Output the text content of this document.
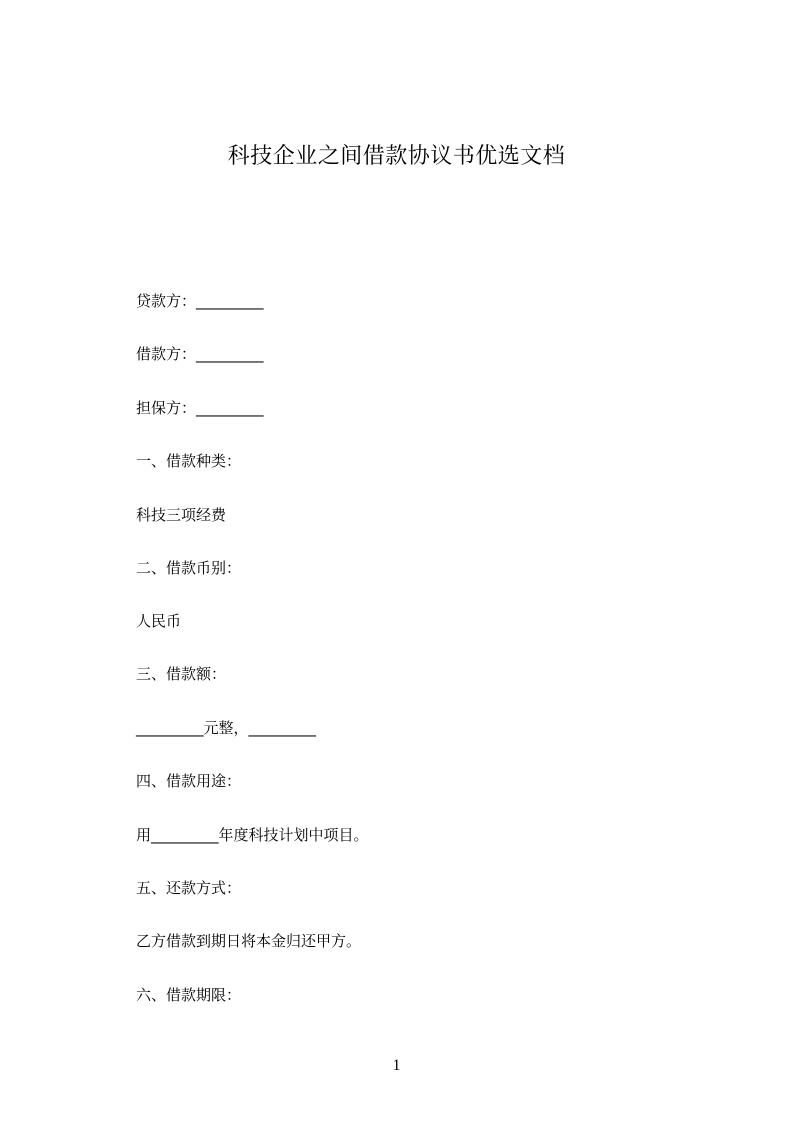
科技企业之间借款协议书优选文档
贷款方：_________
借款方：_________
担保方：_________
一、借款种类：
科技三项经费
二、借款币别：
人民币
三、借款额：
_________元整，_________
四、借款用途：
用_________年度科技计划中项目。
五、还款方式：
乙方借款到期日将本金归还甲方。
六、借款期限：
1
